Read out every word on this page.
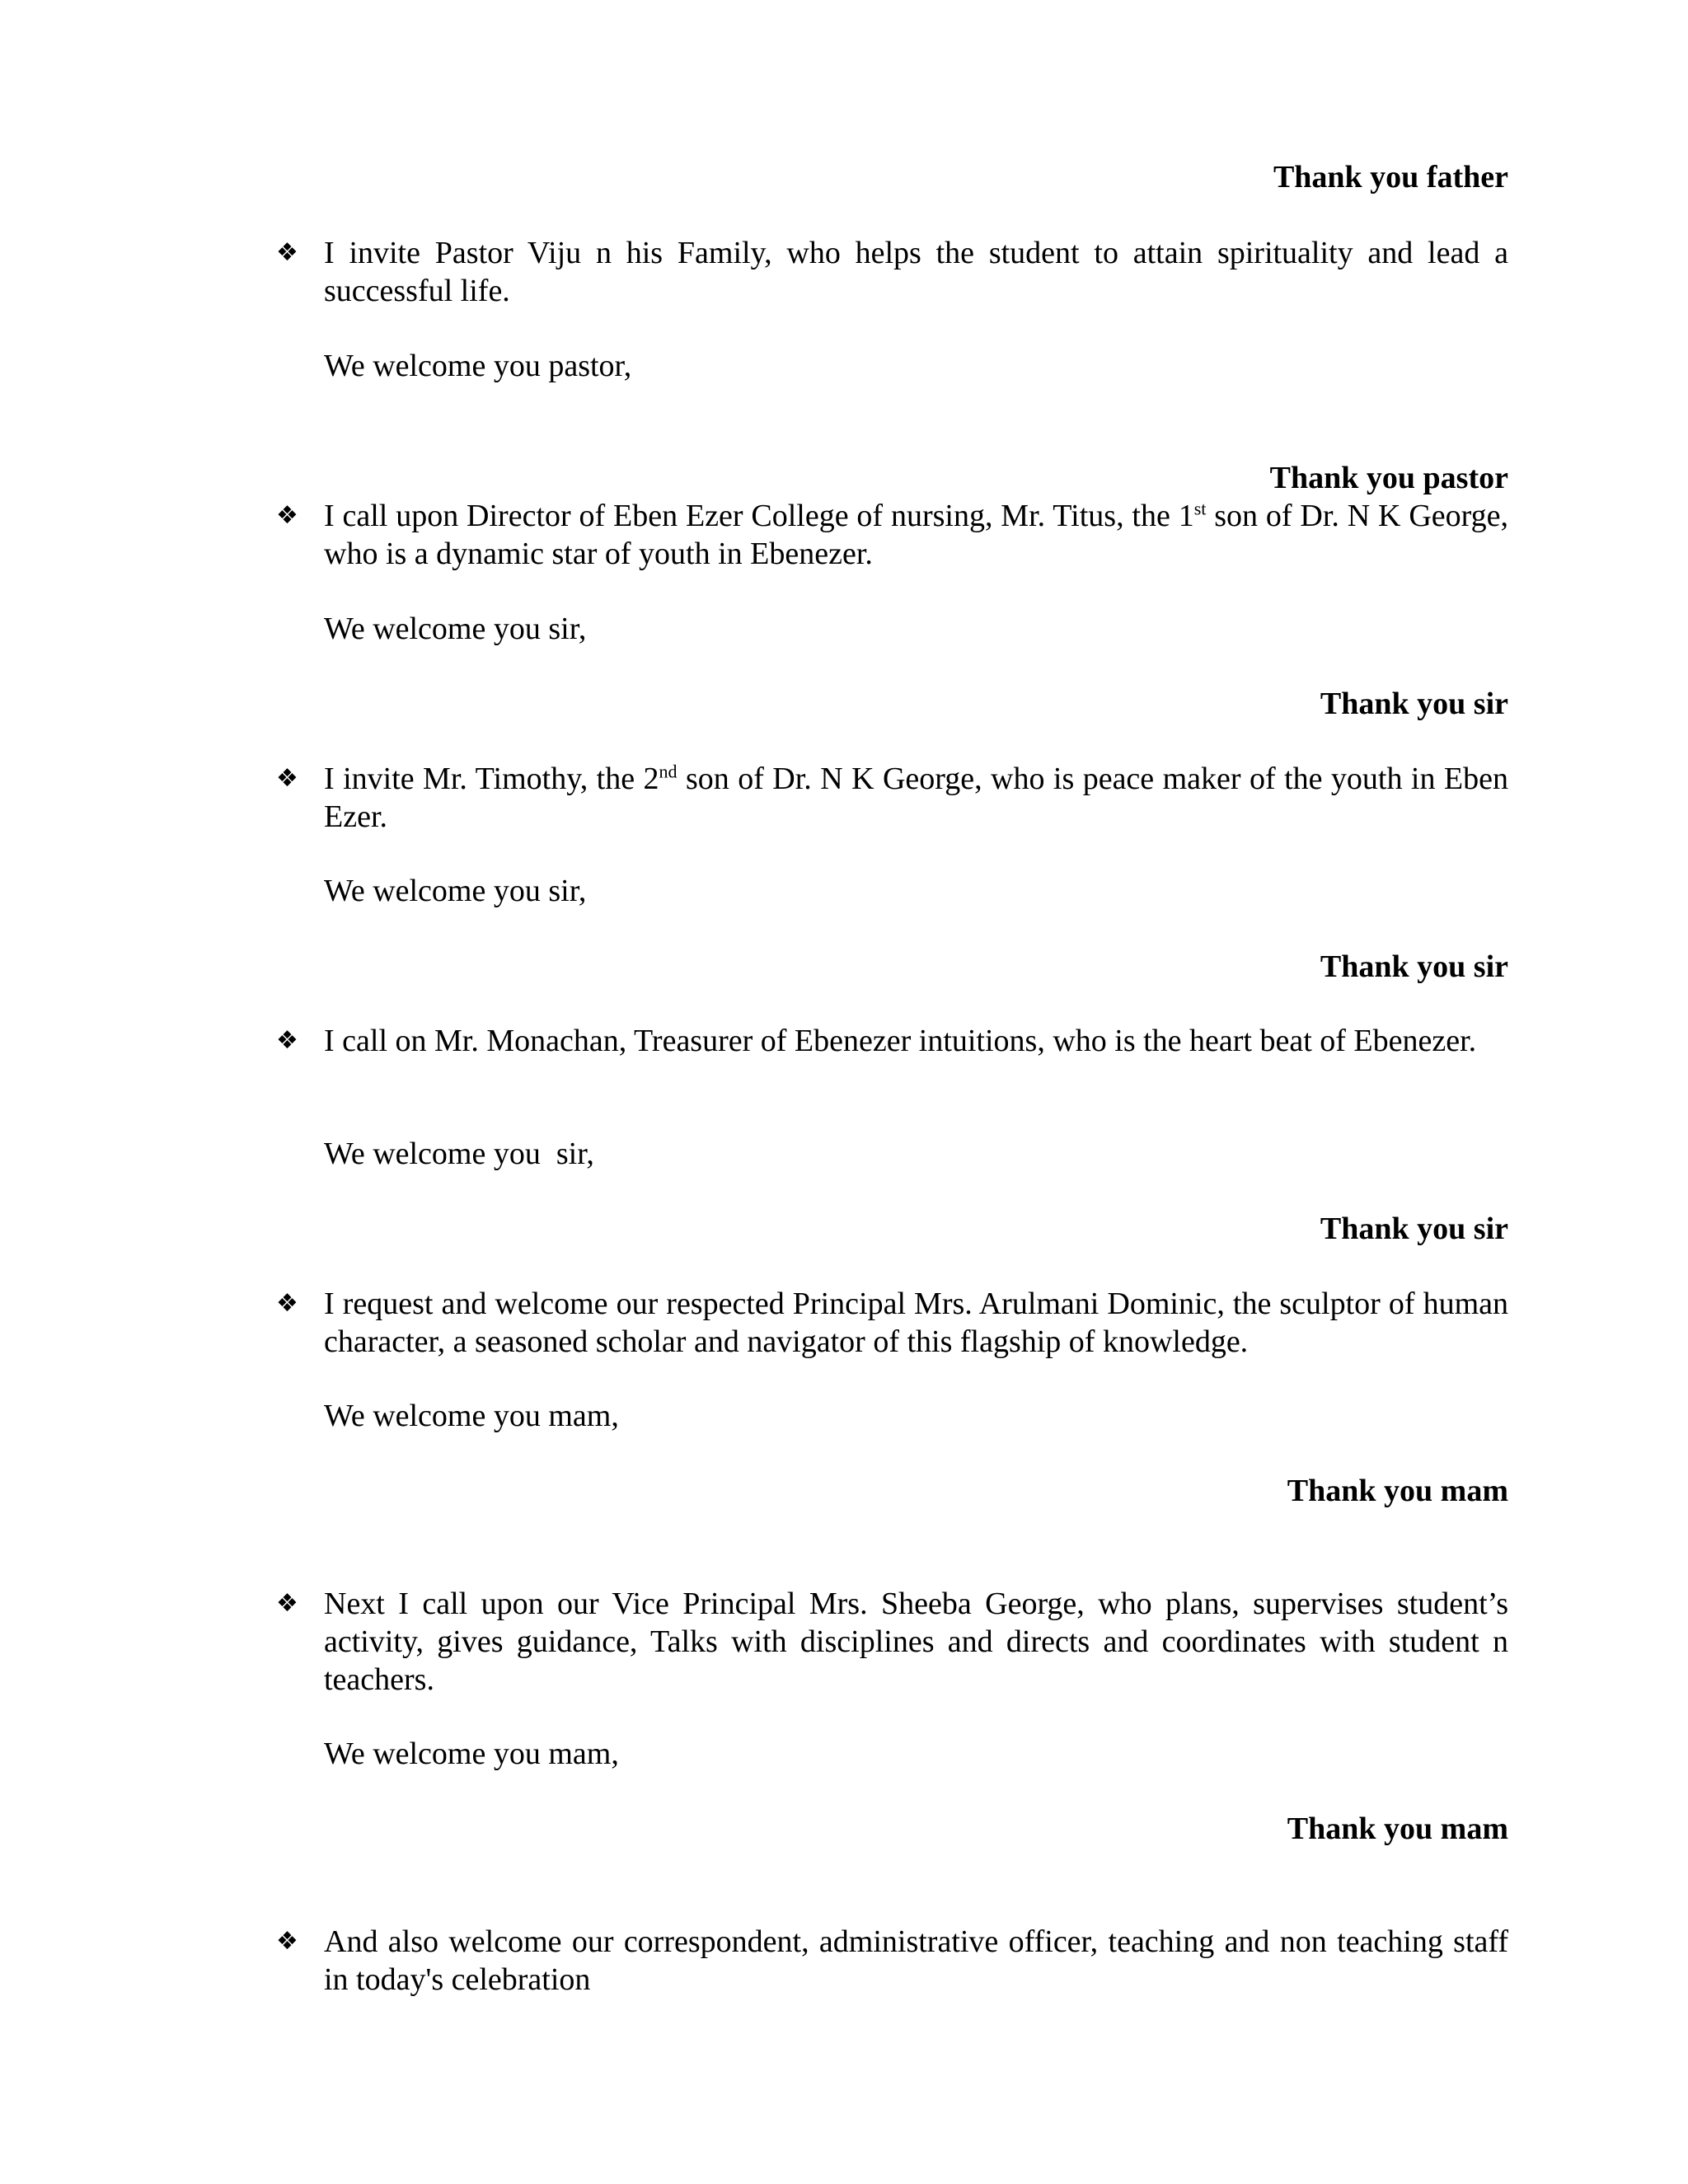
Thank you father
❖ I invite Pastor Viju n his Family, who helps the student to attain spirituality and lead a successful life.
We welcome you pastor,
Thank you pastor
❖ I call upon Director of Eben Ezer College of nursing, Mr. Titus, the 1st son of Dr. N K George, who is a dynamic star of youth in Ebenezer.
We welcome you sir,
Thank you sir
❖ I invite Mr. Timothy, the 2nd son of Dr. N K George, who is peace maker of the youth in Eben Ezer.
We welcome you sir,
Thank you sir
❖ I call on Mr. Monachan, Treasurer of Ebenezer intuitions, who is the heart beat of Ebenezer.
We welcome you  sir,
Thank you sir
❖ I request and welcome our respected Principal Mrs. Arulmani Dominic, the sculptor of human character, a seasoned scholar and navigator of this flagship of knowledge.
We welcome you mam,
Thank you mam
❖ Next I call upon our Vice Principal Mrs. Sheeba George, who plans, supervises student’s activity, gives guidance, Talks with disciplines and directs and coordinates with student n teachers.
We welcome you mam,
Thank you mam
❖ And also welcome our correspondent, administrative officer, teaching and non teaching staff in today's celebration
